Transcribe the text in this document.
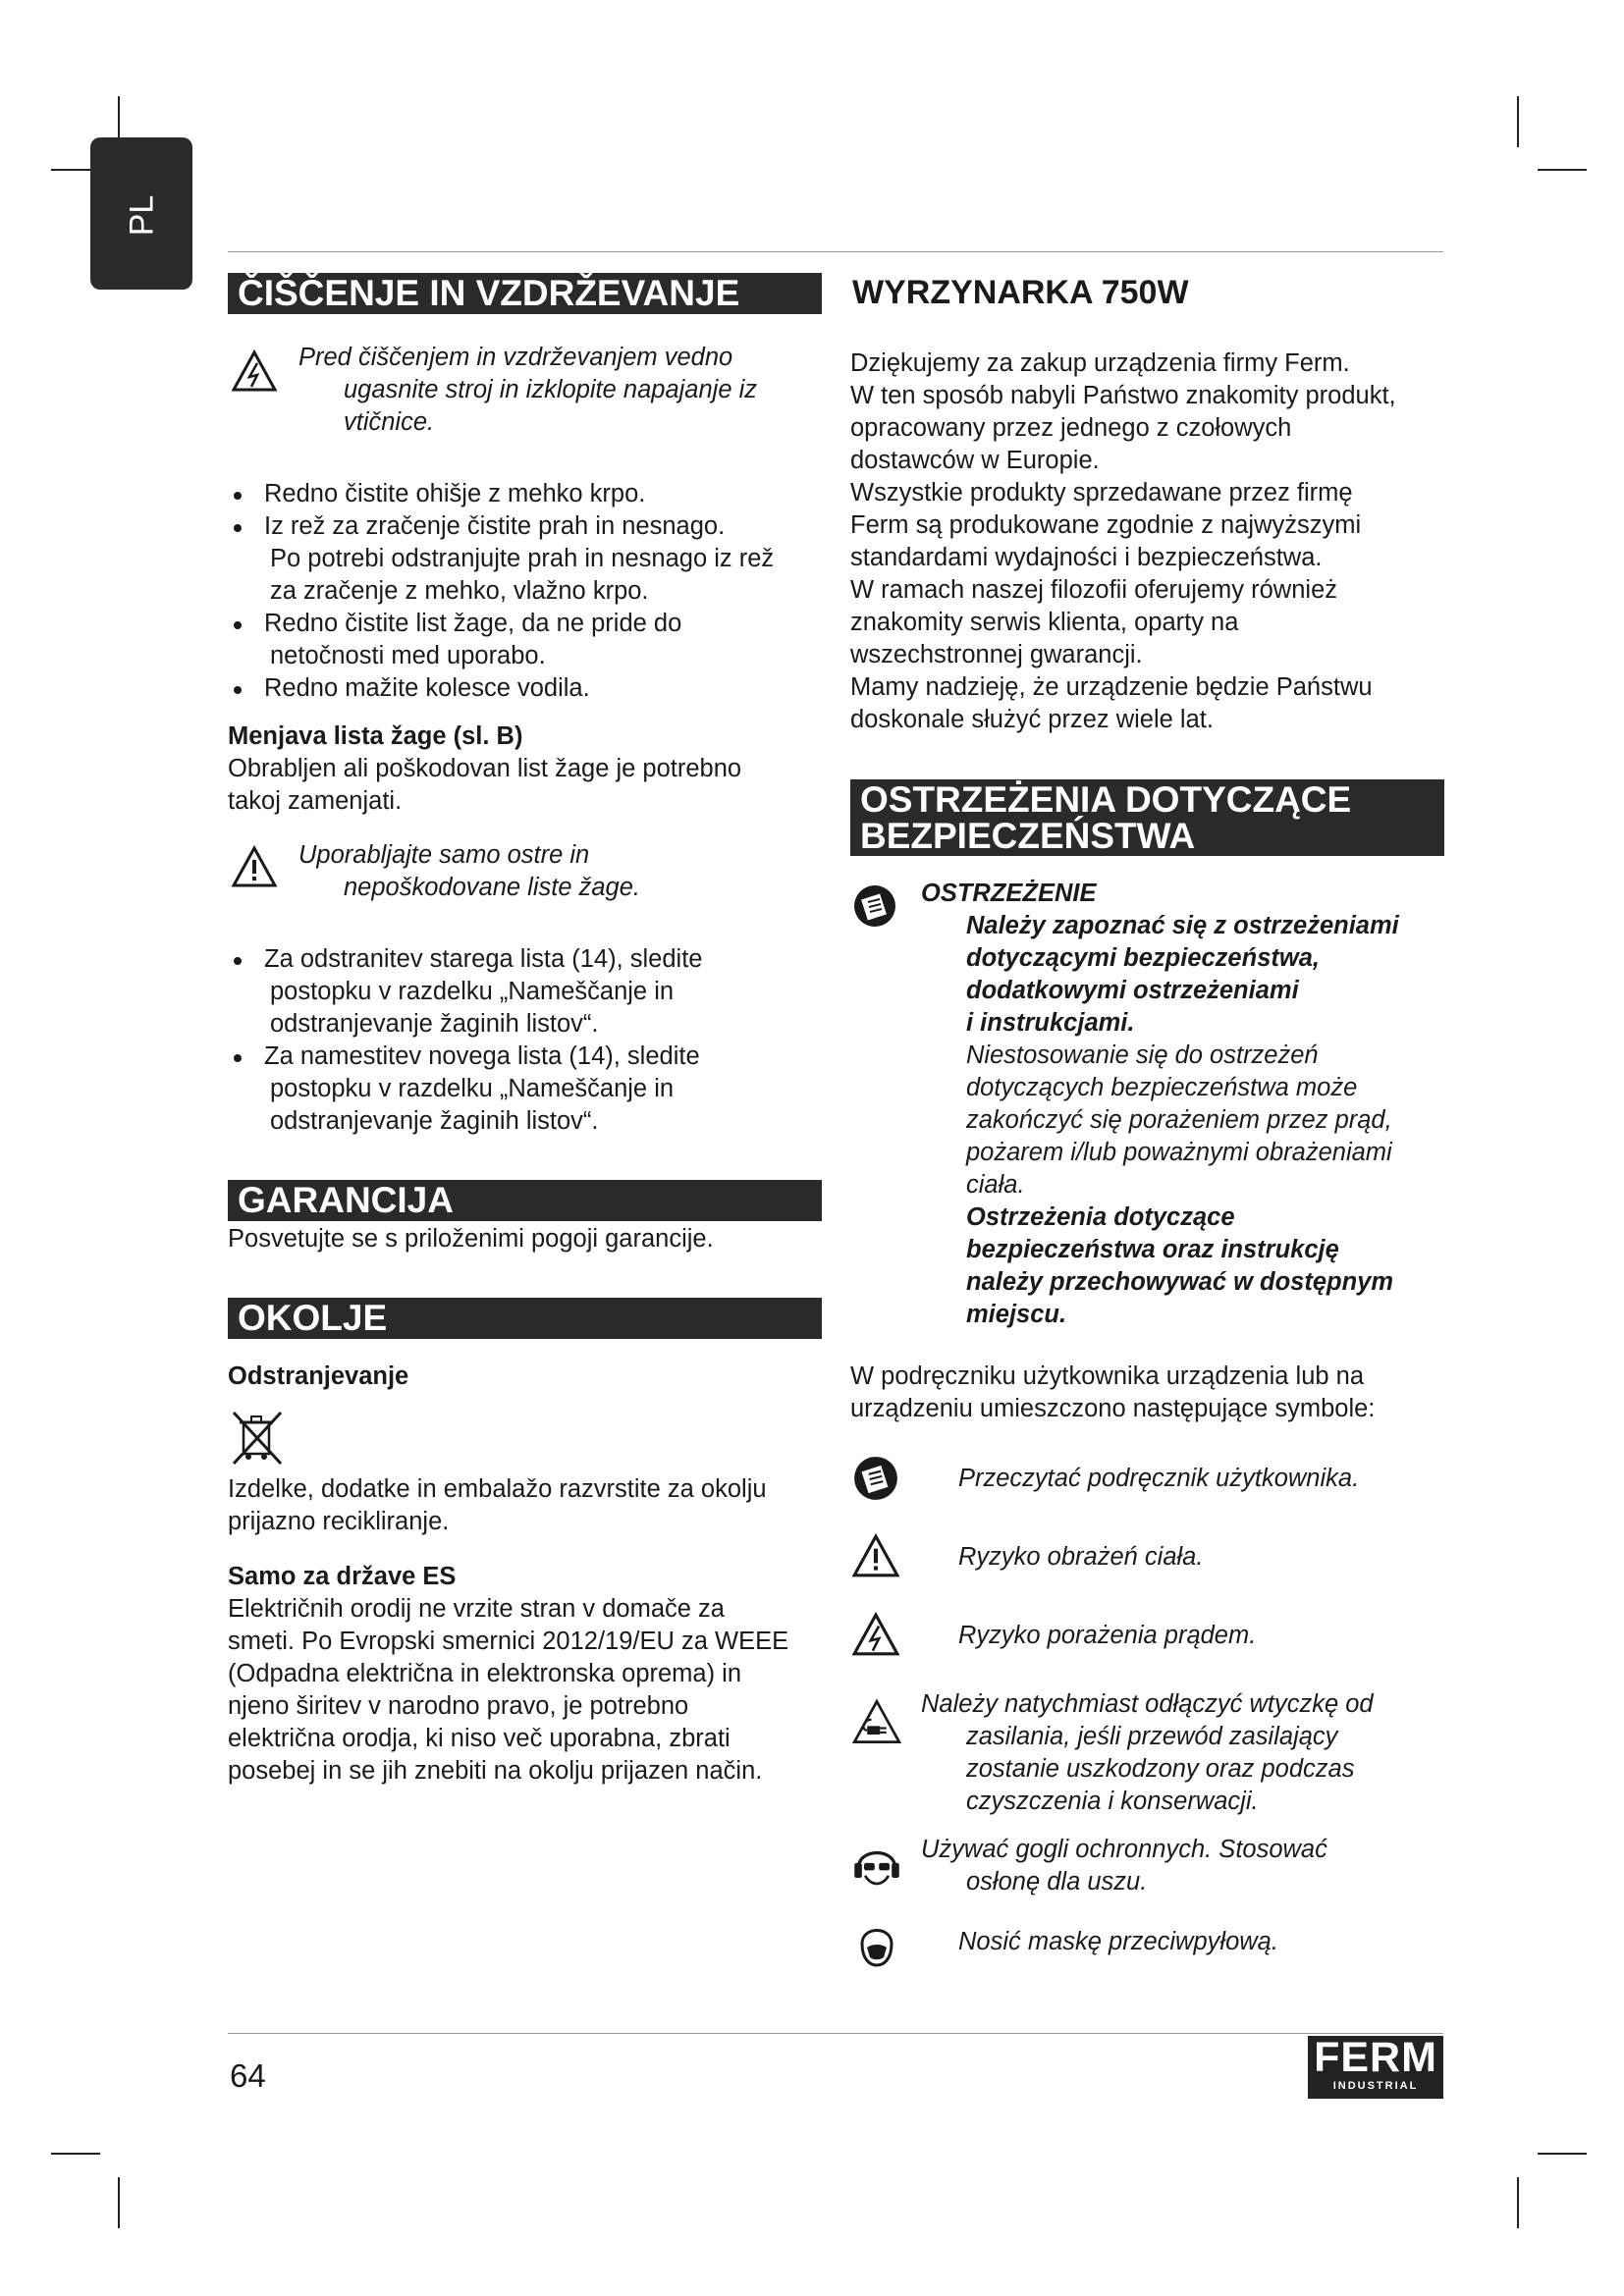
PL
ČIŠČENJE IN VZDRŽEVANJE
Pred čiščenjem in vzdrževanjem vedno
ugasnite stroj in izklopite napajanje iz
vtičnice.

Redno čistite ohišje z mehko krpo.

Iz rež za zračenje čistite prah in nesnago.
Po potrebi odstranjujte prah in nesnago iz rež
za zračenje z mehko, vlažno krpo.

Redno čistite list žage, da ne pride do
netočnosti med uporabo.

Redno mažite kolesce vodila.

Menjava lista žage (sl. B)

Obrabljen ali poškodovan list žage je potrebno
takoj zamenjati.

Uporabljajte samo ostre in
nepoškodovane liste žage.

Za odstranitev starega lista (14), sledite
postopku v razdelku „Nameščanje in
odstranjevanje žaginih listov“.

Za namestitev novega lista (14), sledite
postopku v razdelku „Nameščanje in
odstranjevanje žaginih listov“.

GARANCIJA

Posvetujte se s priloženimi pogoji garancije.

OKOLJE

Odstranjevanje

Izdelke, dodatke in embalažo razvrstite za okolju
prijazno recikliranje.

Samo za države ES

Električnih orodij ne vrzite stran v domače za
smeti. Po Evropski smernici 2012/19/EU za WEEE
(Odpadna električna in elektronska oprema) in
njeno širitev v narodno pravo, je potrebno
električna orodja, ki niso več uporabna, zbrati
posebej in se jih znebiti na okolju prijazen način.

WYRZYNARKA 750W

Dziękujemy za zakup urządzenia firmy Ferm.
W ten sposób nabyli Państwo znakomity produkt,
opracowany przez jednego z czołowych
dostawców w Europie.
Wszystkie produkty sprzedawane przez firmę
Ferm są produkowane zgodnie z najwyższymi
standardami wydajności i bezpieczeństwa.
W ramach naszej filozofii oferujemy również
znakomity serwis klienta, oparty na
wszechstronnej gwarancji.
Mamy nadzieję, że urządzenie będzie Państwu
doskonale służyć przez wiele lat.

OSTRZEŻENIA DOTYCZĄCE
BEZPIECZEŃSTWA
OSTRZEŻENIE
Należy zapoznać się z ostrzeżeniami
dotyczącymi bezpieczeństwa,
dodatkowymi ostrzeżeniami
i instrukcjami.
Niestosowanie się do ostrzeżeń
dotyczących bezpieczeństwa może
zakończyć się porażeniem przez prąd,
pożarem i/lub poważnymi obrażeniami
ciała.
Ostrzeżenia dotyczące
bezpieczeństwa oraz instrukcję
należy przechowywać w dostępnym
miejscu.

W podręczniku użytkownika urządzenia lub na
urządzeniu umieszczono następujące symbole:

Przeczytać podręcznik użytkownika.
Ryzyko obrażeń ciała.
Ryzyko porażenia prądem.
Należy natychmiast odłączyć wtyczkę od
zasilania, jeśli przewód zasilający
zostanie uszkodzony oraz podczas
czyszczenia i konserwacji.
Używać gogli ochronnych. Stosować
osłonę dla uszu.
Nosić maskę przeciwpyłową.
64	FERM
INDUSTRIAL
